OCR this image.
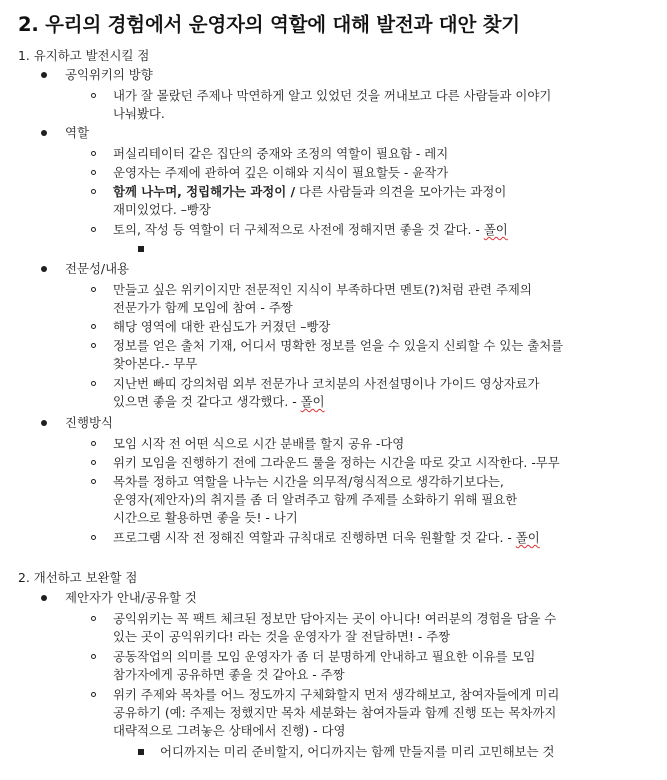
2. 우리의 경험에서 운영자의 역할에 대해 발전과 대안 찾기
1. 유지하고 발전시킬 점
공익위키의 방향
내가 잘 몰랐던 주제나 막연하게 알고 있었던 것을 꺼내보고 다른 사람들과 이야기
나눠봤다.
역할
퍼실리테이터 같은 집단의 중재와 조정의 역할이 필요함 - 레지
운영자는 주제에 관하여 깊은 이해와 지식이 필요할듯 - 윤작가
함께 나누며, 정립해가는 과정이 / 다른 사람들과 의견을 모아가는 과정이
재미있었다. –빵장
토의, 작성 등 역할이 더 구체적으로 사전에 정해지면 좋을 것 같다. - 폴이
전문성/내용
만들고 싶은 위키이지만 전문적인 지식이 부족하다면 멘토(?)처럼 관련 주제의
전문가가 함께 모임에 참여 - 주짱
해당 영역에 대한 관심도가 커졌던 –빵장
정보를 얻은 출처 기재, 어디서 명확한 정보를 얻을 수 있을지 신뢰할 수 있는 출처를
찾아본다.- 무무
지난번 빠띠 강의처럼 외부 전문가나 코치분의 사전설명이나 가이드 영상자료가
있으면 좋을 것 같다고 생각했다. - 폴이
진행방식
모임 시작 전 어떤 식으로 시간 분배를 할지 공유 -다영
위키 모임을 진행하기 전에 그라운드 룰을 정하는 시간을 따로 갖고 시작한다. -무무
목차를 정하고 역할을 나누는 시간을 의무적/형식적으로 생각하기보다는,
운영자(제안자)의 취지를 좀 더 알려주고 함께 주제를 소화하기 위해 필요한
시간으로 활용하면 좋을 듯! - 나기
프로그램 시작 전 정해진 역할과 규칙대로 진행하면 더욱 원활할 것 같다. - 폴이
2. 개선하고 보완할 점
제안자가 안내/공유할 것
공익위키는 꼭 팩트 체크된 정보만 담아지는 곳이 아니다! 여러분의 경험을 담을 수
있는 곳이 공익위키다! 라는 것을 운영자가 잘 전달하면! - 주짱
공동작업의 의미를 모임 운영자가 좀 더 분명하게 안내하고 필요한 이유를 모임
참가자에게 공유하면 좋을 것 같아요 - 주짱
위키 주제와 목차를 어느 정도까지 구체화할지 먼저 생각해보고, 참여자들에게 미리
공유하기 (예: 주제는 정했지만 목차 세분화는 참여자들과 함께 진행 또는 목차까지
대략적으로 그려놓은 상태에서 진행) - 다영
어디까지는 미리 준비할지, 어디까지는 함께 만들지를 미리 고민해보는 것
